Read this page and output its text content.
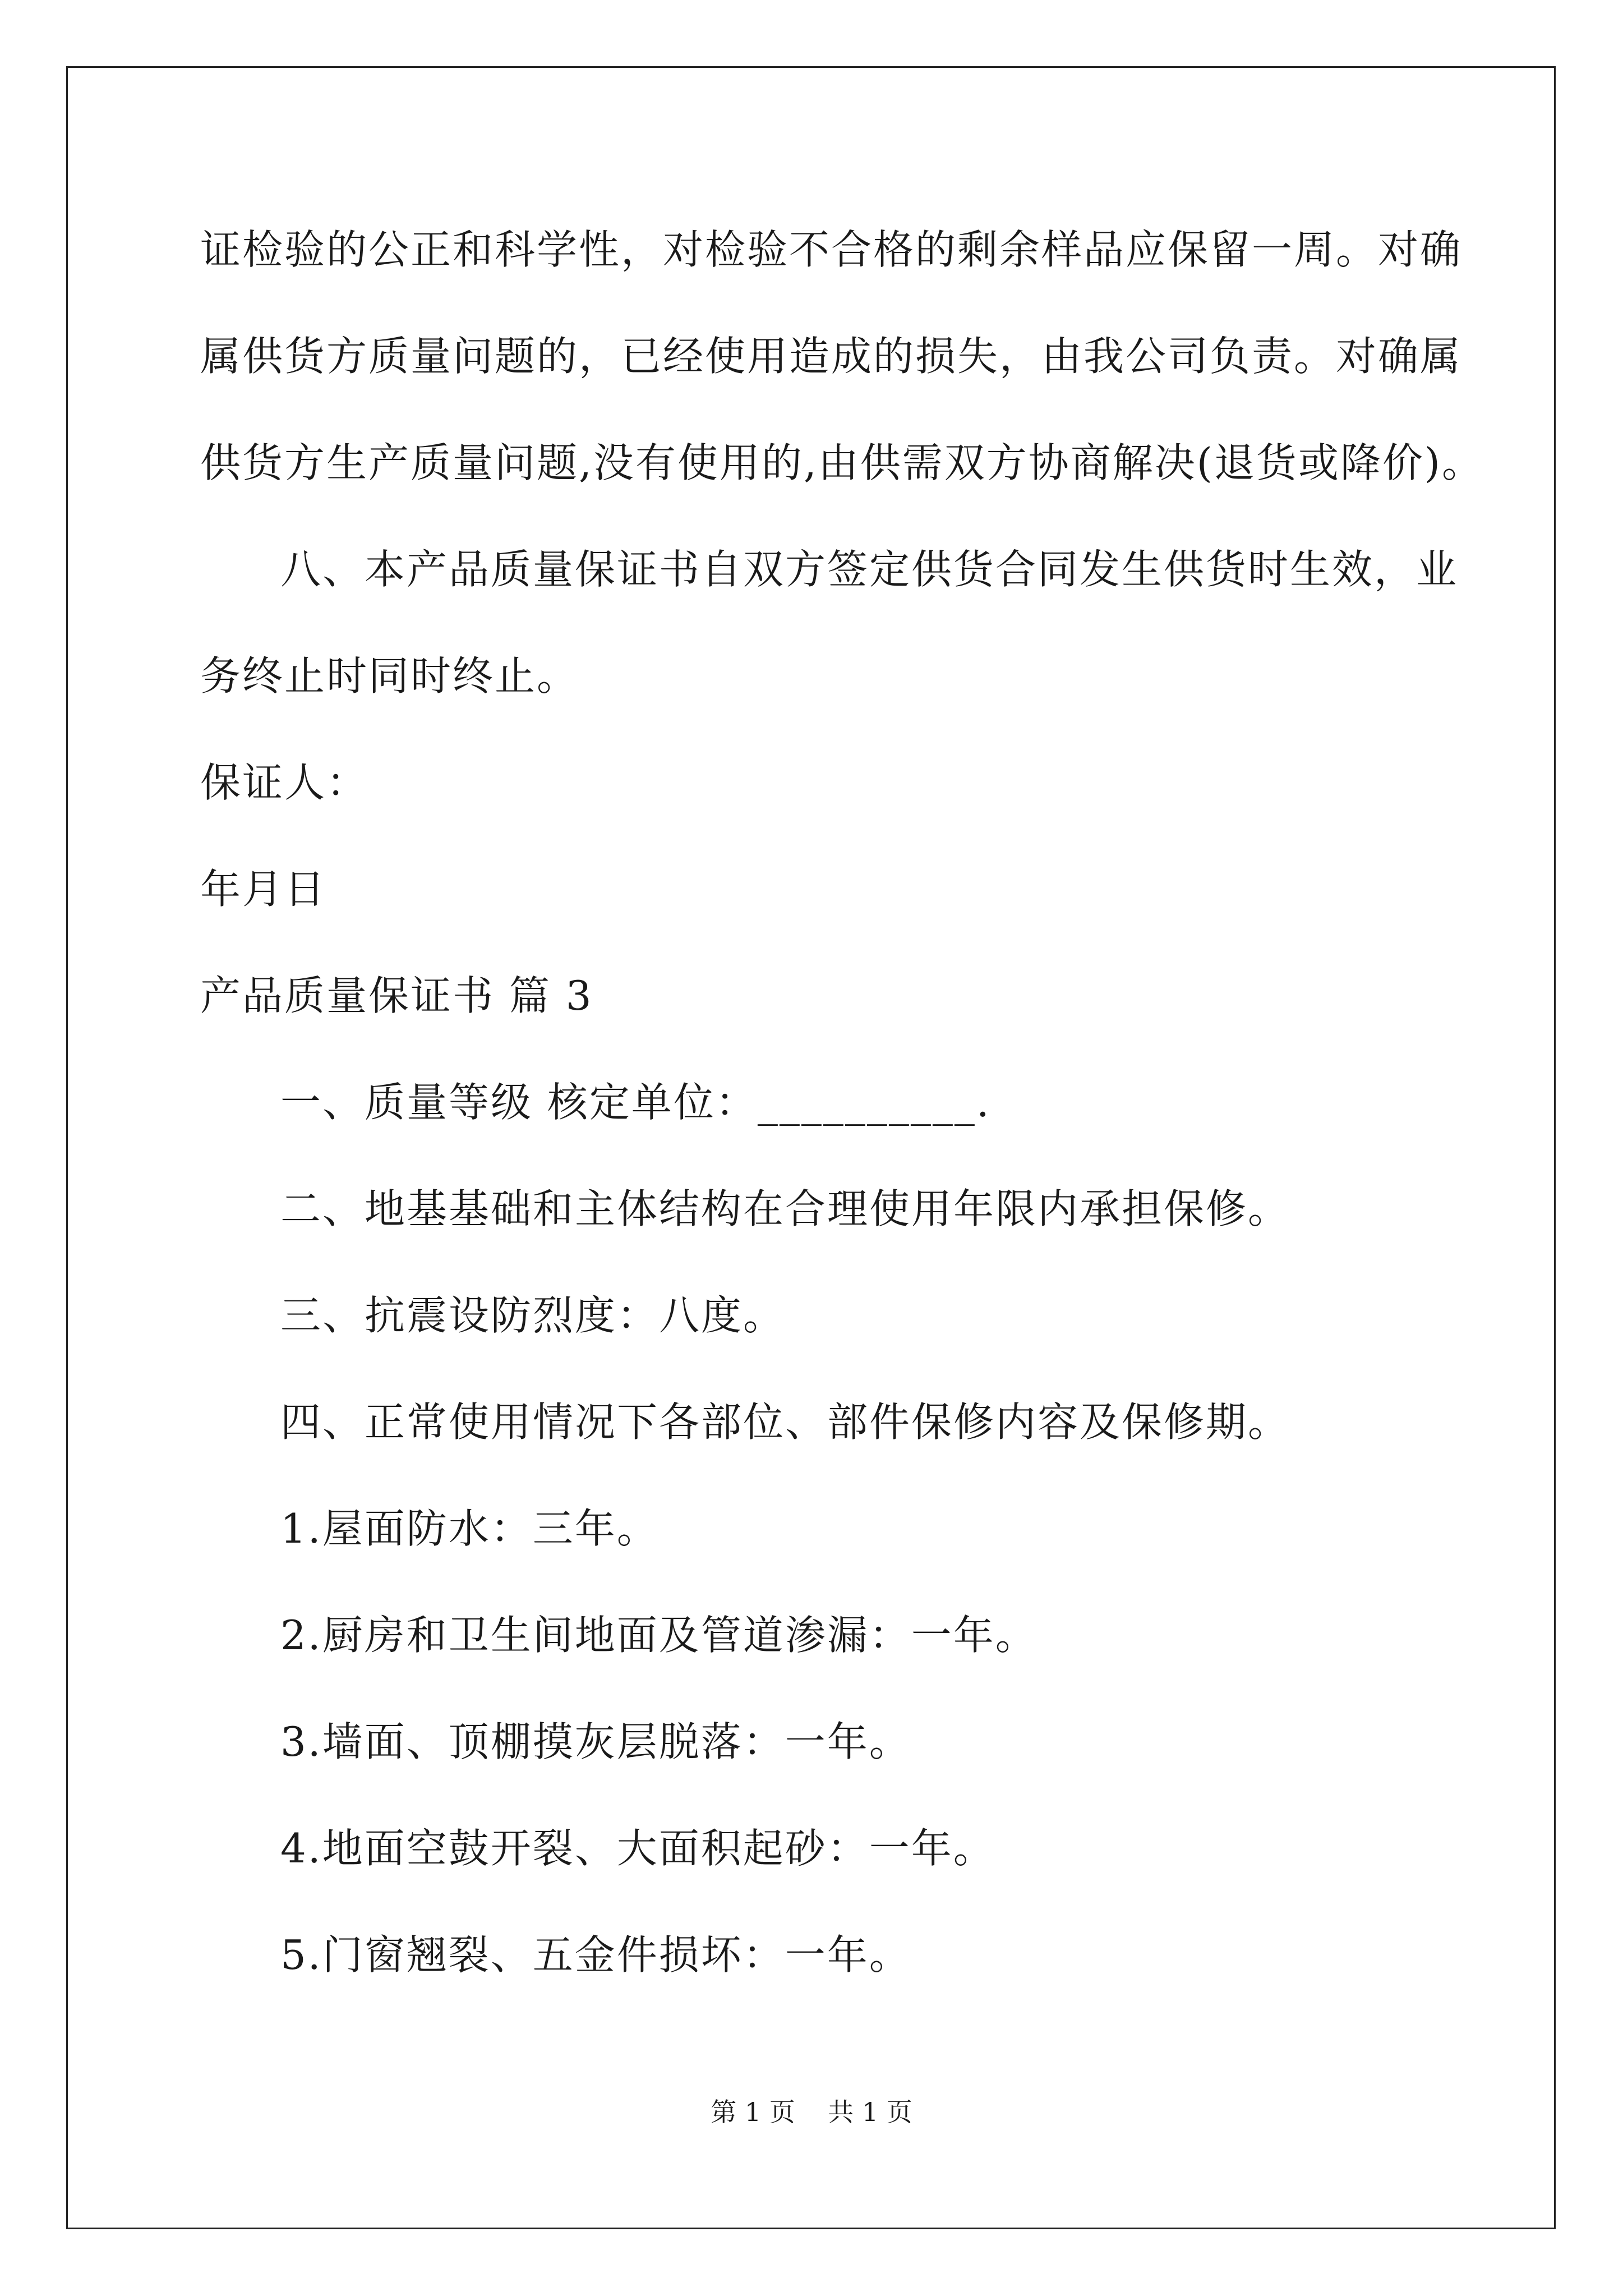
证检验的公正和科学性，对检验不合格的剩余样品应保留一周。对确
属供货方质量问题的，已经使用造成的损失，由我公司负责。对确属
供货方生产质量问题,没有使用的,由供需双方协商解决(退货或降价)。
八、本产品质量保证书自双方签定供货合同发生供货时生效，业
务终止时同时终止。
保证人：
年月日
产品质量保证书 篇 3
一、质量等级 核定单位：__________.
二、地基基础和主体结构在合理使用年限内承担保修。
三、抗震设防烈度：八度。
四、正常使用情况下各部位、部件保修内容及保修期。
1.屋面防水：三年。
2.厨房和卫生间地面及管道渗漏：一年。
3.墙面、顶棚摸灰层脱落：一年。
4.地面空鼓开裂、大面积起砂：一年。
5.门窗翘裂、五金件损坏：一年。
第 1 页    共 1 页
